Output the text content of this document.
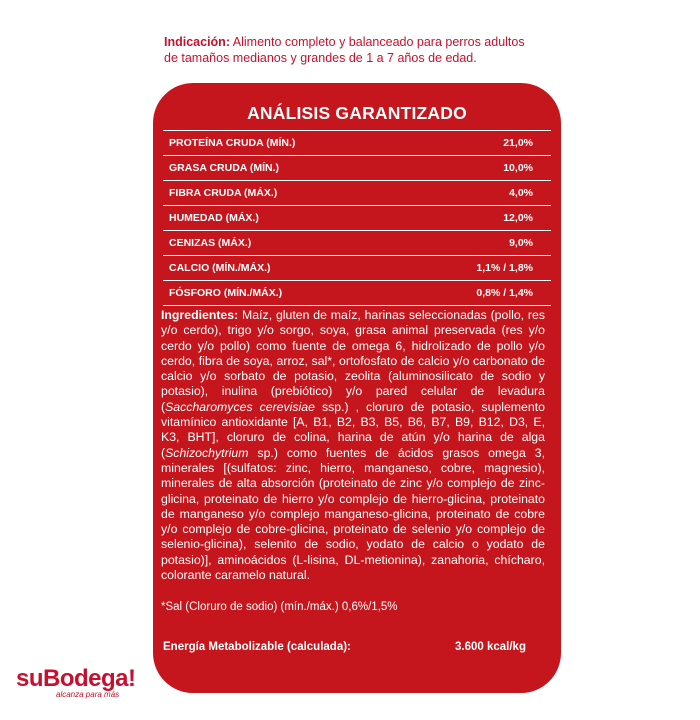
Indicación: Alimento completo y balanceado para perros adultos
de tamaños medianos y grandes de 1 a 7 años de edad.
ANÁLISIS GARANTIZADO
PROTEÍNA CRUDA (MÍN.)	21,0%
GRASA CRUDA (MÍN.)	10,0%
FIBRA CRUDA (MÁX.)	4,0%
HUMEDAD (MÁX.)	12,0%
CENIZAS (MÁX.)	9,0%
CALCIO (MÍN./MÁX.)	1,1% / 1,8%
FÓSFORO (MÍN./MÁX.)	0,8% / 1,4%
Ingredientes: Maíz, gluten de maíz, harinas seleccionadas (pollo, res y/o cerdo), trigo y/o sorgo, soya, grasa animal preservada (res y/o cerdo y/o pollo) como fuente de omega 6, hidrolizado de pollo y/o cerdo, fibra de soya, arroz, sal*, ortofosfato de calcio y/o carbonato de calcio y/o sorbato de potasio, zeolita (aluminosilicato de sodio y potasio), inulina (prebiótico) y/o pared celular de levadura (Saccharomyces cerevisiae ssp.) , cloruro de potasio, suplemento vitamínico antioxidante [A, B1, B2, B3, B5, B6, B7, B9, B12, D3, E, K3, BHT], cloruro de colina, harina de atún y/o harina de alga (Schizochytrium sp.) como fuentes de ácidos grasos omega 3, minerales [(sulfatos: zinc, hierro, manganeso, cobre, magnesio), minerales de alta absorción (proteinato de zinc y/o complejo de zinc-glicina, proteinato de hierro y/o complejo de hierro-glicina, proteinato de manganeso y/o complejo manganeso-glicina, proteinato de cobre y/o complejo de cobre-glicina, proteinato de selenio y/o complejo de selenio-glicina), selenito de sodio, yodato de calcio o yodato de potasio)], aminoácidos (L-lisina, DL-metionina), zanahoria, chícharo, colorante caramelo natural.
*Sal (Cloruro de sodio) (mín./máx.) 0,6%/1,5%
Energía Metabolizable (calculada):	3.600 kcal/kg
suBodega!
alcanza para más
